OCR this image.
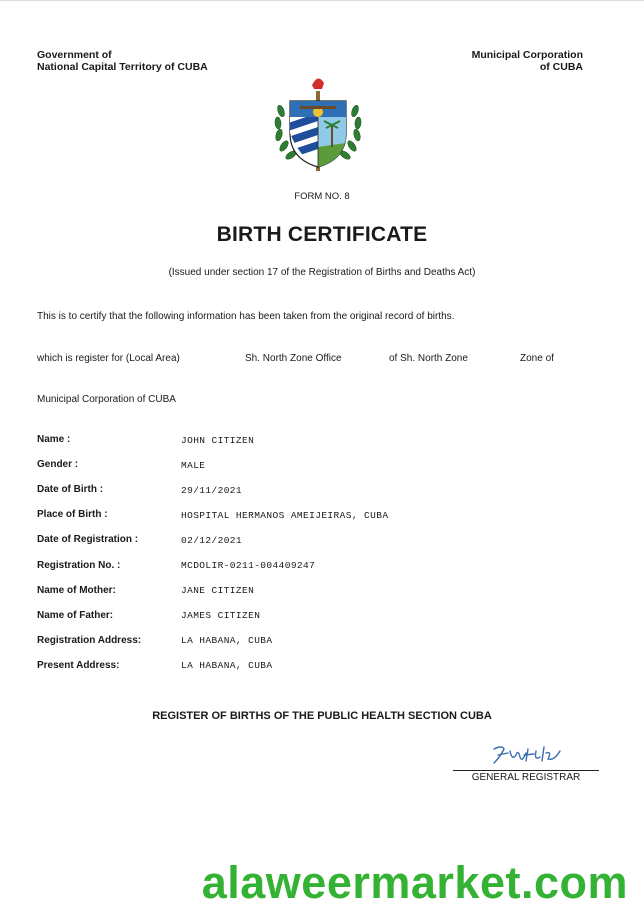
Government of
National Capital Territory of CUBA
Municipal Corporation
of CUBA
FORM NO. 8
BIRTH CERTIFICATE
(Issued under section 17 of the Registration of Births and Deaths Act)
This is to certify that the following information has been taken from the original record of births.
which is register for (Local Area)	Sh. North Zone Office	of Sh. North Zone	Zone of
Municipal Corporation of CUBA
Name :	JOHN CITIZEN
Gender :	MALE
Date of Birth :	29/11/2021
Place of Birth :	HOSPITAL HERMANOS AMEIJEIRAS, CUBA
Date of Registration :	02/12/2021
Registration No. :	MCDOLIR-0211-004409247
Name of Mother:	JANE CITIZEN
Name of Father:	JAMES CITIZEN
Registration Address:	LA HABANA, CUBA
Present Address:	LA HABANA, CUBA
REGISTER OF BIRTHS OF THE PUBLIC HEALTH SECTION CUBA
GENERAL REGISTRAR
alaweermarket.com
